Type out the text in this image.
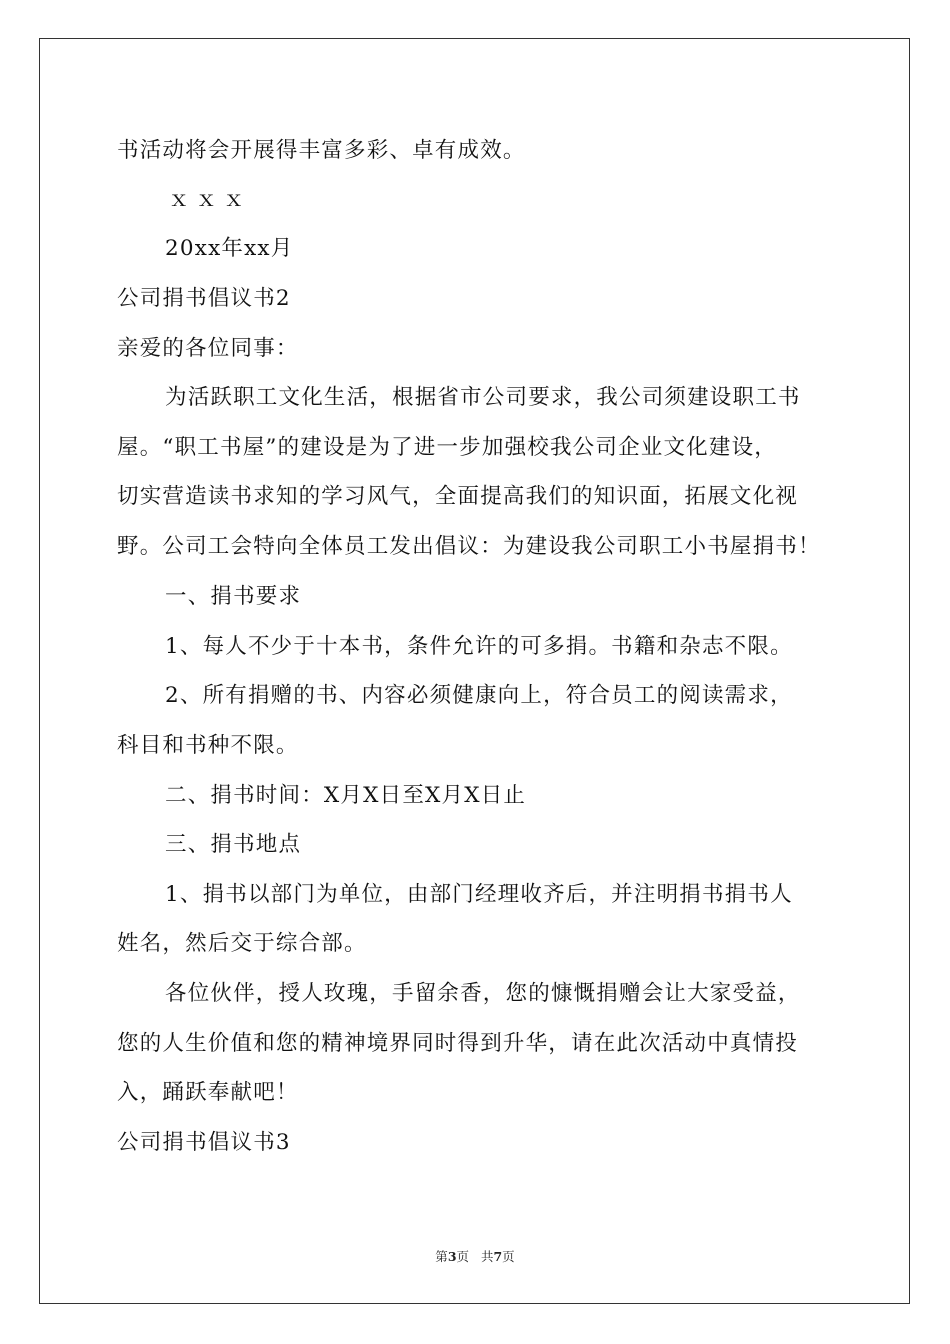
书活动将会开展得丰富多彩、卓有成效。
ｘｘｘ
20xx年xx月
公司捐书倡议书2
亲爱的各位同事：
为活跃职工文化生活，根据省市公司要求，我公司须建设职工书
屋。“职工书屋”的建设是为了进一步加强校我公司企业文化建设，
切实营造读书求知的学习风气，全面提高我们的知识面，拓展文化视
野。公司工会特向全体员工发出倡议：为建设我公司职工小书屋捐书！
一、捐书要求
1、每人不少于十本书，条件允许的可多捐。书籍和杂志不限。
2、所有捐赠的书、内容必须健康向上，符合员工的阅读需求，
科目和书种不限。
二、捐书时间：X月X日至X月X日止
三、捐书地点
1、捐书以部门为单位，由部门经理收齐后，并注明捐书捐书人
姓名，然后交于综合部。
各位伙伴，授人玫瑰，手留余香，您的慷慨捐赠会让大家受益，
您的人生价值和您的精神境界同时得到升华，请在此次活动中真情投
入，踊跃奉献吧！
公司捐书倡议书3
第3页 共7页
